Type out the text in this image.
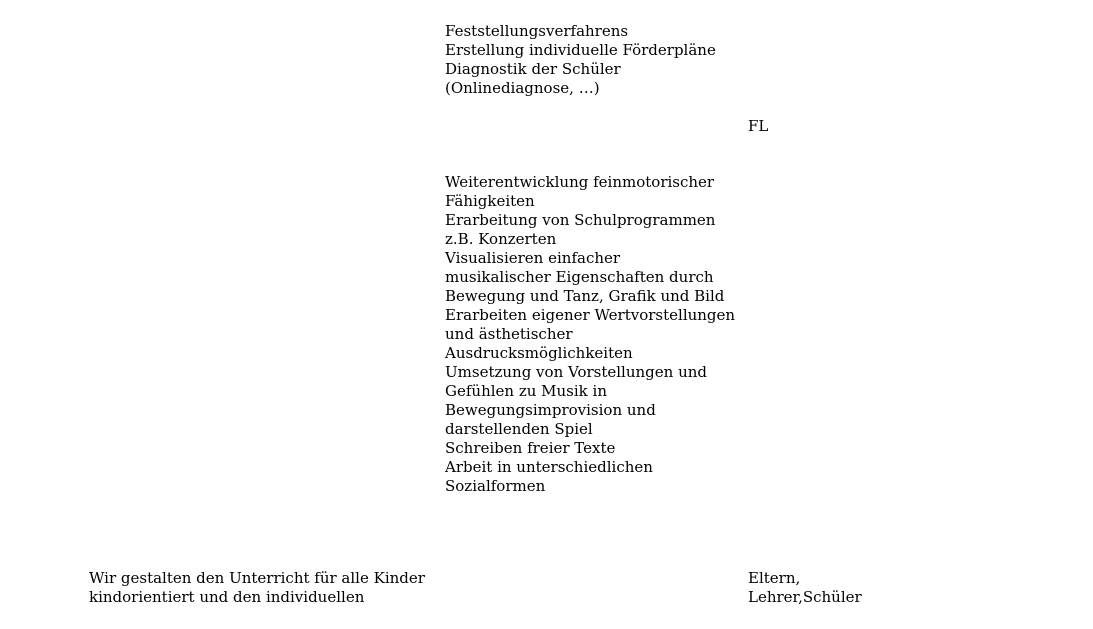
Feststellungsverfahrens
Erstellung individuelle Förderpläne
Diagnostik der Schüler
(Onlinediagnose, …)
FL
Weiterentwicklung feinmotorischer
Fähigkeiten
Erarbeitung von Schulprogrammen
z.B. Konzerten
Visualisieren einfacher
musikalischer Eigenschaften durch
Bewegung und Tanz, Grafik und Bild
Erarbeiten eigener Wertvorstellungen
und ästhetischer
Ausdrucksmöglichkeiten
Umsetzung von Vorstellungen und
Gefühlen zu Musik in
Bewegungsimprovision und
darstellenden Spiel
Schreiben freier Texte
Arbeit in unterschiedlichen
Sozialformen
Wir gestalten den Unterricht für alle Kinder
kindorientiert und den individuellen
Eltern,
Lehrer,Schüler
